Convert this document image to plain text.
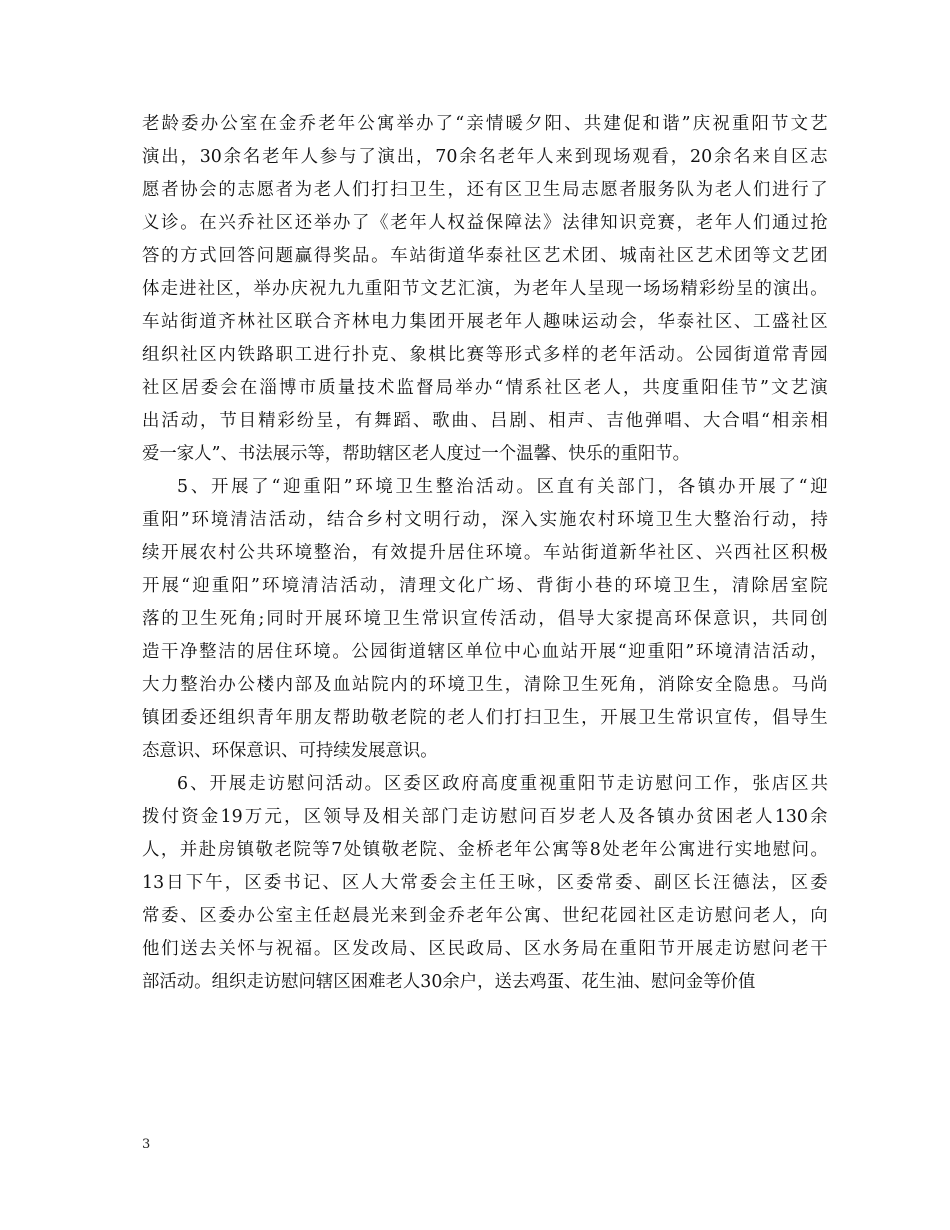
老 龄 委 办 公 室 在 金 乔 老 年 公 寓 举 办 了 “ 亲 情 暖 夕 阳 、 共 建 促 和 谐 ” 庆 祝 重 阳 节 文 艺
演 出 ， 30 余 名 老 年 人 参 与 了 演 出 ， 70 余 名 老 年 人 来 到 现 场 观 看 ， 20 余 名 来 自 区 志
愿 者 协 会 的 志 愿 者 为 老 人 们 打 扫 卫 生 ， 还 有 区 卫 生 局 志 愿 者 服 务 队 为 老 人 们 进 行 了
义 诊 。 在 兴 乔 社 区 还 举 办 了 《 老 年 人 权 益 保 障 法 》 法 律 知 识 竞 赛 ， 老 年 人 们 通 过 抢
答 的 方 式 回 答 问 题 赢 得 奖 品 。 车 站 街 道 华 泰 社 区 艺 术 团 、 城 南 社 区 艺 术 团 等 文 艺 团
体 走 进 社 区 ， 举 办 庆 祝 九 九 重 阳 节 文 艺 汇 演 ， 为 老 年 人 呈 现 一 场 场 精 彩 纷 呈 的 演 出 。
车 站 街 道 齐 林 社 区 联 合 齐 林 电 力 集 团 开 展 老 年 人 趣 味 运 动 会 ， 华 泰 社 区 、 工 盛 社 区
组 织 社 区 内 铁 路 职 工 进 行 扑 克 、 象 棋 比 赛 等 形 式 多 样 的 老 年 活 动 。 公 园 街 道 常 青 园
社 区 居 委 会 在 淄 博 市 质 量 技 术 监 督 局 举 办 “ 情 系 社 区 老 人 ， 共 度 重 阳 佳 节 ” 文 艺 演
出 活 动 ， 节 目 精 彩 纷 呈 ， 有 舞 蹈 、 歌 曲 、 吕 剧 、 相 声 、 吉 他 弹 唱 、 大 合 唱 “ 相 亲 相
爱一家人”、书法展示等，帮助辖区老人度过一个温馨、快乐的重阳节。
5 、 开 展 了 “ 迎 重 阳 ” 环 境 卫 生 整 治 活 动 。 区 直 有 关 部 门 ， 各 镇 办 开 展 了 “ 迎
重 阳 ” 环 境 清 洁 活 动 ， 结 合 乡 村 文 明 行 动 ， 深 入 实 施 农 村 环 境 卫 生 大 整 治 行 动 ， 持
续 开 展 农 村 公 共 环 境 整 治 ， 有 效 提 升 居 住 环 境 。 车 站 街 道 新 华 社 区 、 兴 西 社 区 积 极
开 展 “ 迎 重 阳 ” 环 境 清 洁 活 动 ， 清 理 文 化 广 场 、 背 街 小 巷 的 环 境 卫 生 ， 清 除 居 室 院
落 的 卫 生 死 角 ; 同 时 开 展 环 境 卫 生 常 识 宣 传 活 动 ， 倡 导 大 家 提 高 环 保 意 识 ， 共 同 创
造 干 净 整 洁 的 居 住 环 境 。 公 园 街 道 辖 区 单 位 中 心 血 站 开 展 “ 迎 重 阳 ” 环 境 清 洁 活 动 ，
大 力 整 治 办 公 楼 内 部 及 血 站 院 内 的 环 境 卫 生 ， 清 除 卫 生 死 角 ， 消 除 安 全 隐 患 。 马 尚
镇 团 委 还 组 织 青 年 朋 友 帮 助 敬 老 院 的 老 人 们 打 扫 卫 生 ， 开 展 卫 生 常 识 宣 传 ， 倡 导 生
态意识、环保意识、可持续发展意识。
6 、 开 展 走 访 慰 问 活 动 。 区 委 区 政 府 高 度 重 视 重 阳 节 走 访 慰 问 工 作 ， 张 店 区 共
拨 付 资 金 19 万 元 ， 区 领 导 及 相 关 部 门 走 访 慰 问 百 岁 老 人 及 各 镇 办 贫 困 老 人 130 余
人 ， 并 赴 房 镇 敬 老 院 等 7 处 镇 敬 老 院 、 金 桥 老 年 公 寓 等 8 处 老 年 公 寓 进 行 实 地 慰 问 。
13 日 下 午 ， 区 委 书 记 、 区 人 大 常 委 会 主 任 王 咏 ， 区 委 常 委 、 副 区 长 汪 德 法 ， 区 委
常 委 、 区 委 办 公 室 主 任 赵 晨 光 来 到 金 乔 老 年 公 寓 、 世 纪 花 园 社 区 走 访 慰 问 老 人 ， 向
他 们 送 去 关 怀 与 祝 福 。 区 发 改 局 、 区 民 政 局 、 区 水 务 局 在 重 阳 节 开 展 走 访 慰 问 老 干
部活动。组织走访慰问辖区困难老人30余户，送去鸡蛋、花生油、慰问金等价值
3
